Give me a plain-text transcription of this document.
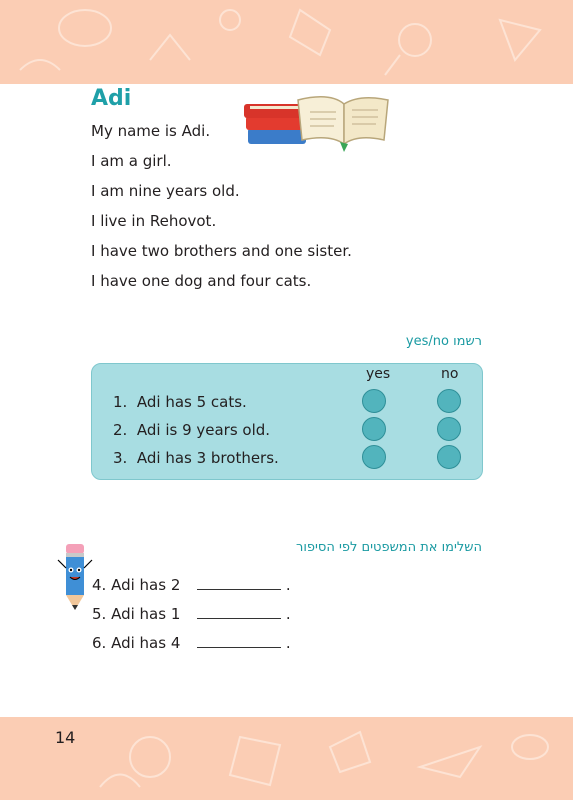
Adi
My name is Adi.
I am a girl.
I am nine years old.
I live in Rehovot.
I have two brothers and one sister.
I have one dog and four cats.
רשמו yes/no
yes	no
1. Adi has 5 cats.
2. Adi is 9 years old.
3. Adi has 3 brothers.
השלימו את המשפטים לפי הסיפור
4. Adi has 2	.
5. Adi has 1	.
6. Adi has 4	.
14
